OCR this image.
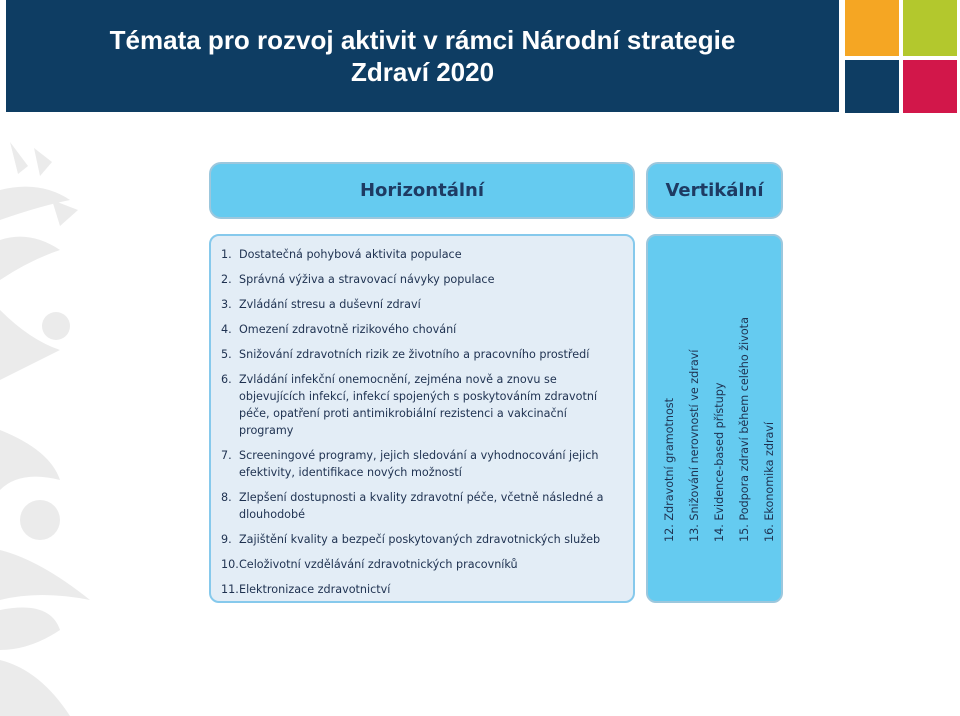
Témata pro rozvoj aktivit v rámci Národní strategie
Zdraví 2020
Horizontální	Vertikální
1. Dostatečná pohybová aktivita populace
2. Správná výživa a stravovací návyky populace
3. Zvládání stresu a duševní zdraví
4. Omezení zdravotně rizikového chování
5. Snižování zdravotních rizik ze životního a pracovního prostředí
6. Zvládání infekční onemocnění, zejména nově a znovu se objevujících infekcí, infekcí spojených s poskytováním zdravotní péče, opatření proti antimikrobiální rezistenci a vakcinační programy
7. Screeningové programy, jejich sledování a vyhodnocování jejich efektivity, identifikace nových možností
8. Zlepšení dostupnosti a kvality zdravotní péče, včetně následné a dlouhodobé
9. Zajištění kvality a bezpečí poskytovaných zdravotnických služeb
10. Celoživotní vzdělávání zdravotnických pracovníků
11. Elektronizace zdravotnictví
12. Zdravotní gramotnost 13. Snižování nerovností ve zdraví 14. Evidence-based přístupy 15. Podpora zdraví během celého života 16. Ekonomika zdraví
